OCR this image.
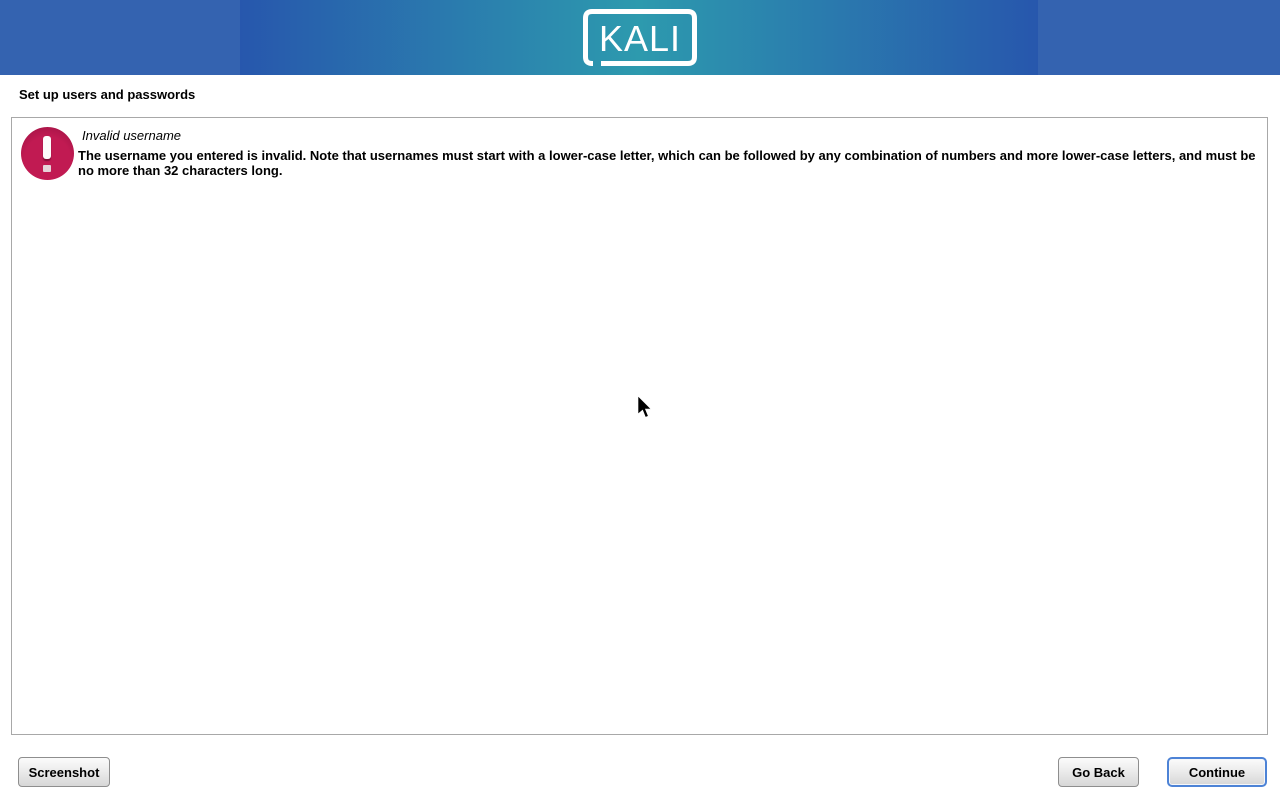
KALI
Set up users and passwords
Invalid username
The username you entered is invalid. Note that usernames must start with a lower-case letter, which can be followed by any combination of numbers and more lower-case letters, and must be no more than 32 characters long.
Screenshot	Go Back	Continue
